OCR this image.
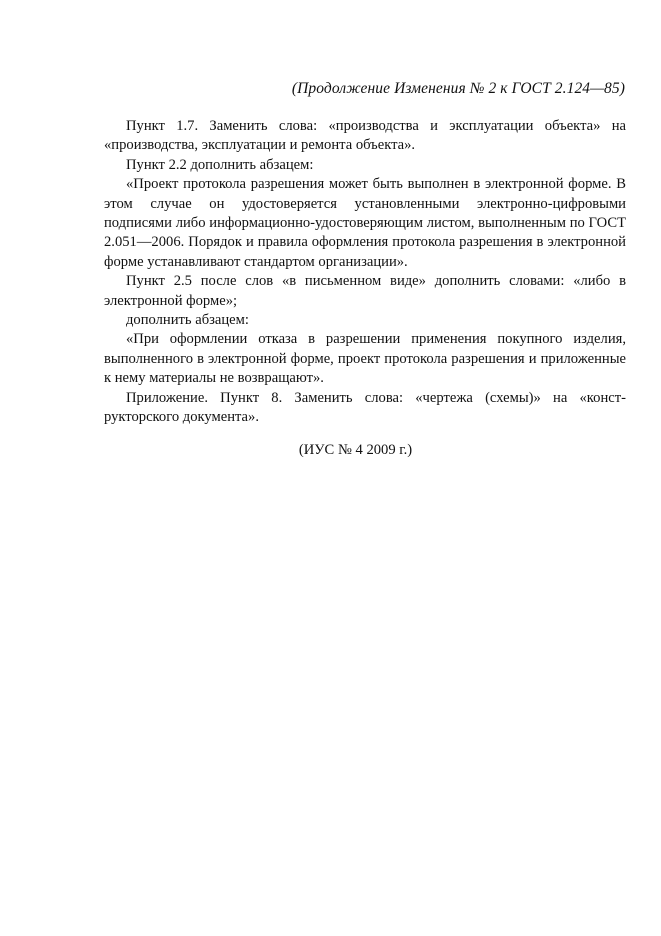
(Продолжение Изменения № 2 к ГОСТ 2.124—85)

Пункт 1.7. Заменить слова: «производства и эксплуатации объекта» на «производства, эксплуатации и ремонта объекта».

Пункт 2.2 дополнить абзацем:

«Проект протокола разрешения может быть выполнен в электронной форме. В этом случае он удостоверяется установленными электронно-цифровыми подписями либо информационно-удостоверяющим листом, выполненным по ГОСТ 2.051—2006. Порядок и правила оформления протокола разрешения в электронной форме устанавливают стандартом организации».

Пункт 2.5 после слов «в письменном виде» дополнить словами: «либо в электронной форме»;

дополнить абзацем:

«При оформлении отказа в разрешении применения покупного изделия, выполненного в электронной форме, проект протокола разрешения и приложенные к нему материалы не возвращают».

Приложение. Пункт 8. Заменить слова: «чертежа (схемы)» на «конструкторского документа».

(ИУС № 4 2009 г.)
